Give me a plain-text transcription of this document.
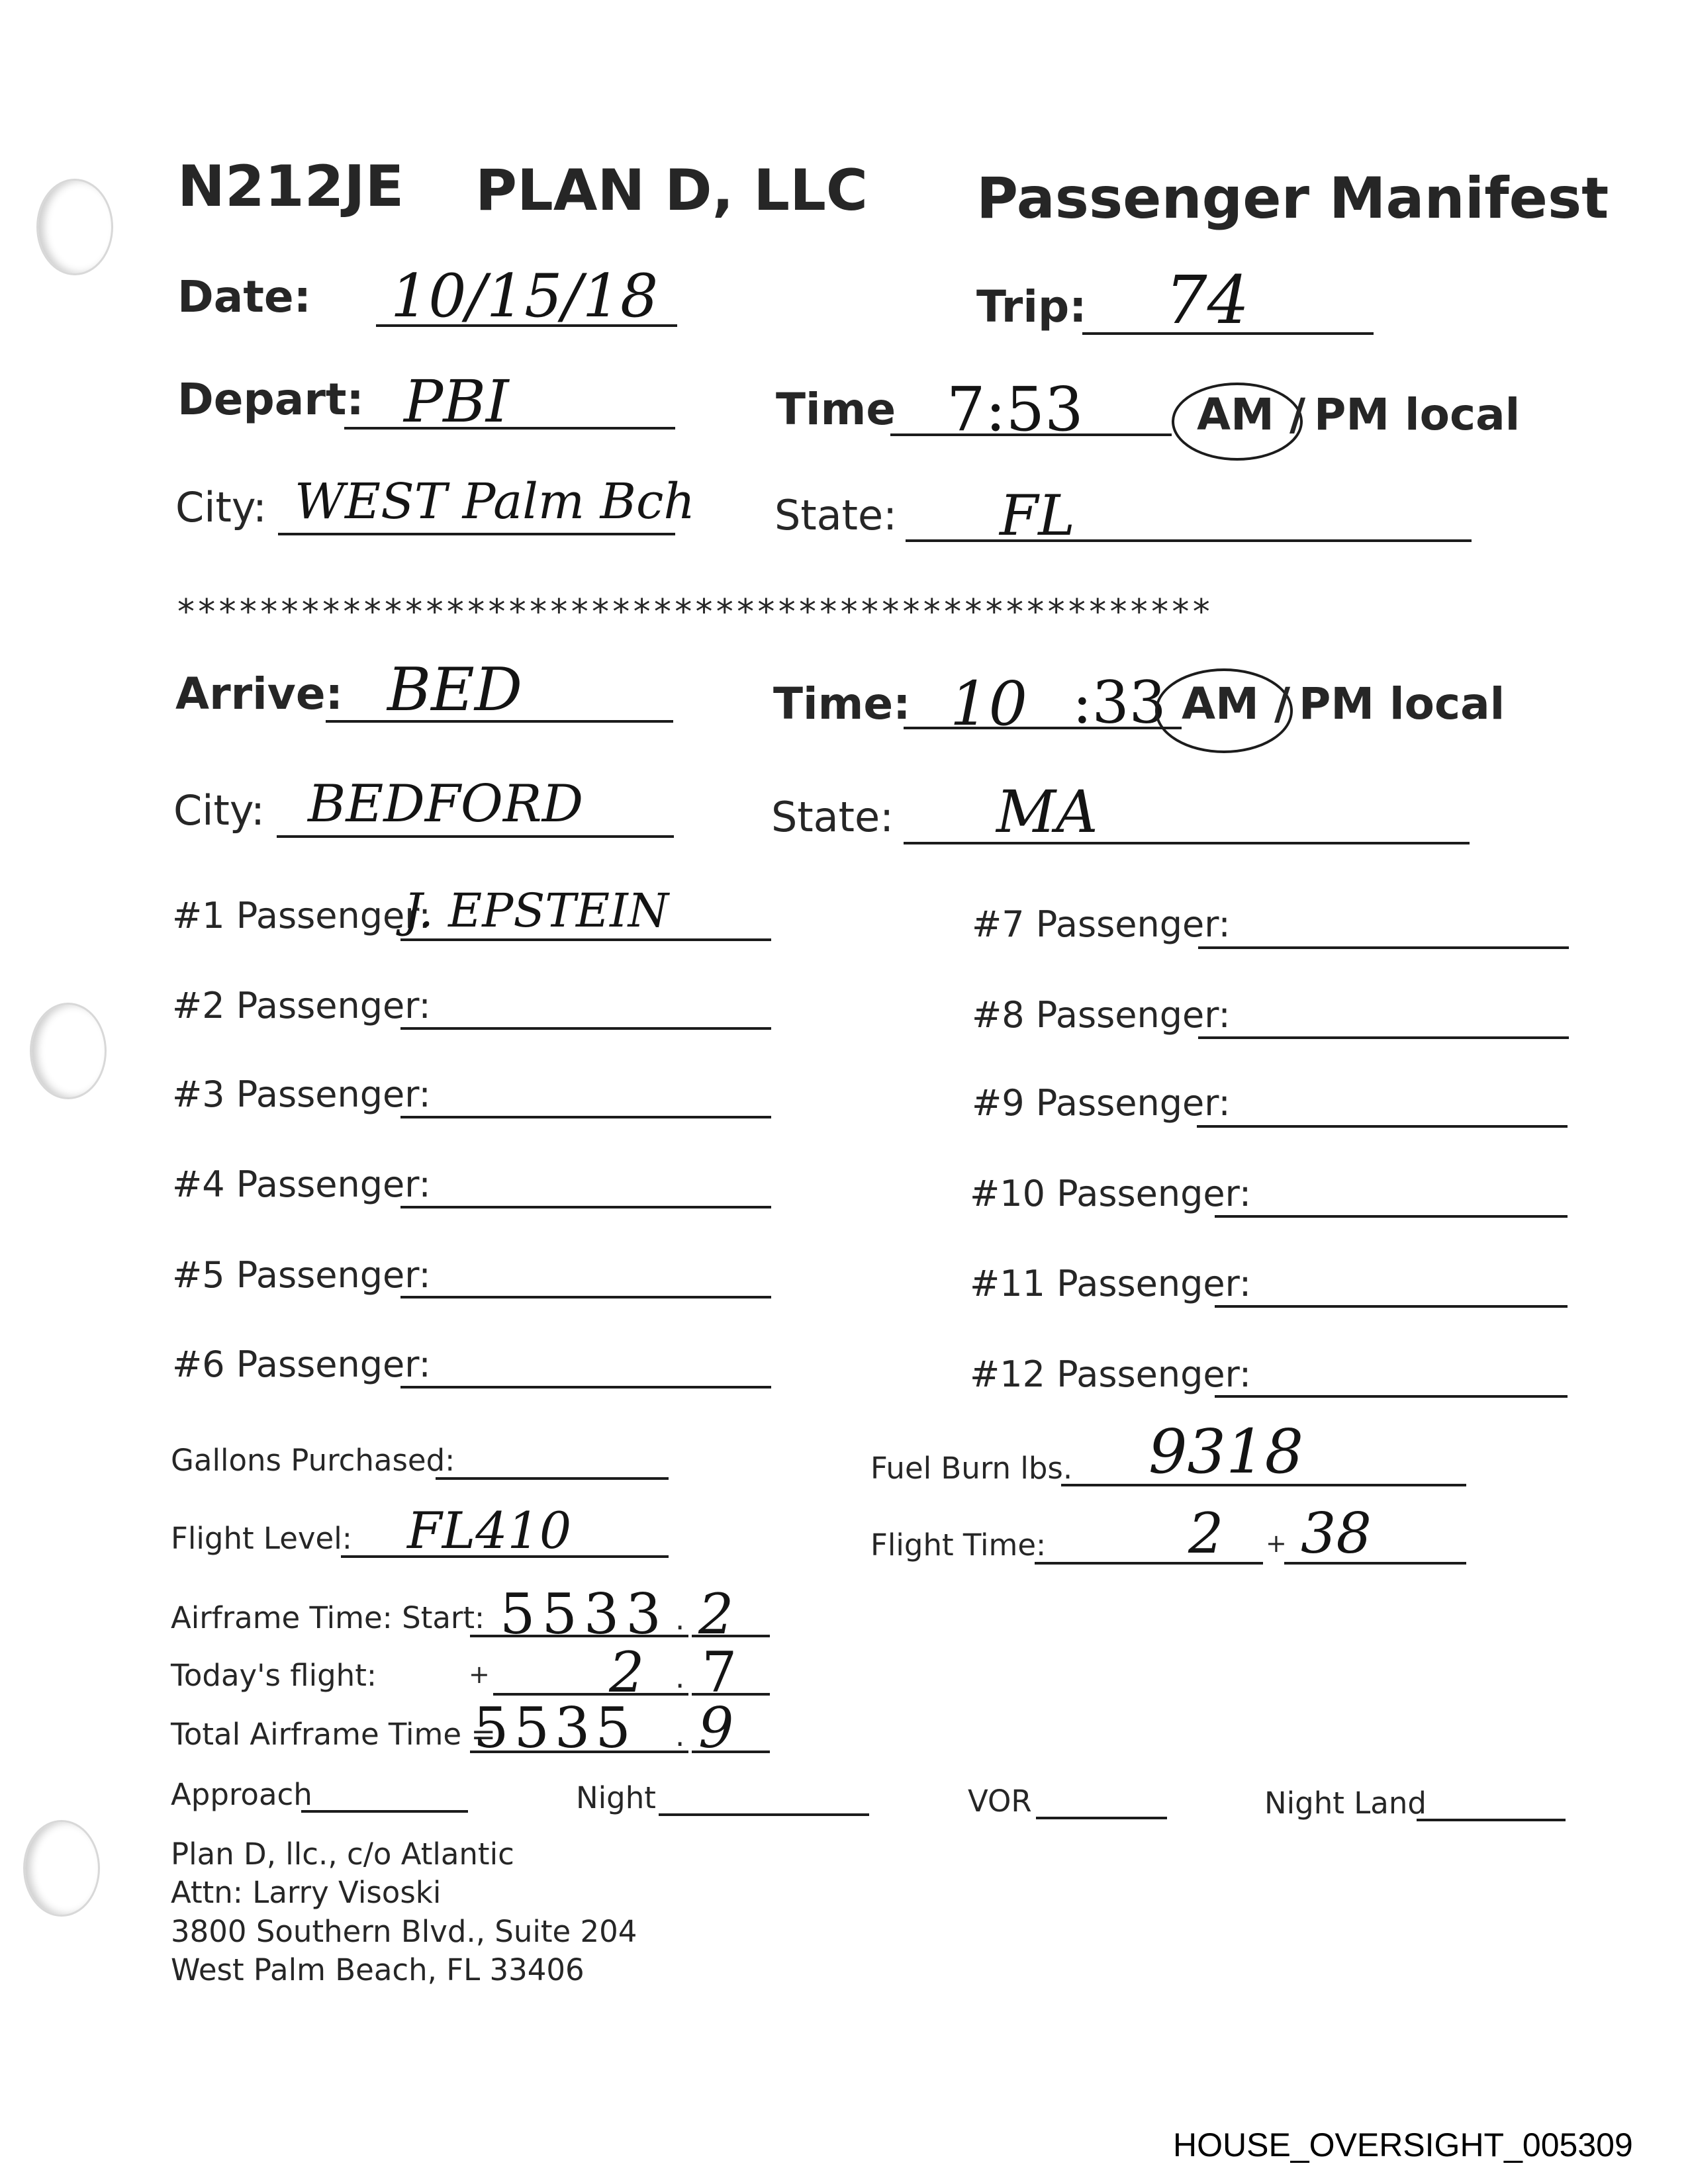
N212JE PLAN D, LLC Passenger Manifest
Date: 10/15/18	Trip: 74
Depart: PBI	Time 7:53	AM / PM local
City: WEST Palm Bch State: FL
**************************************************
Arrive: BED	Time: 10 :33 AM / PM local
City: BEDFORD	State: MA
#1 Passenger:
J. EPSTEIN
#2 Passenger:
#3 Passenger:
#4 Passenger:
#5 Passenger:
#6 Passenger:
#7 Passenger:
#8 Passenger:
#9 Passenger:
#10 Passenger:
#11 Passenger:
#12 Passenger:
Gallons Purchased:	Fuel Burn lbs. 9318
Flight Level: FL410	Flight Time:	2 + 38
Airframe Time: Start: 5533 . 2
Today's flight:	+ 2 . 7
Total Airframe Time =
5535 . 9
Approach	Night	VOR	Night Land
Plan D, llc., c/o Atlantic
Attn: Larry Visoski
3800 Southern Blvd., Suite 204
West Palm Beach, FL 33406
HOUSE_OVERSIGHT_005309
